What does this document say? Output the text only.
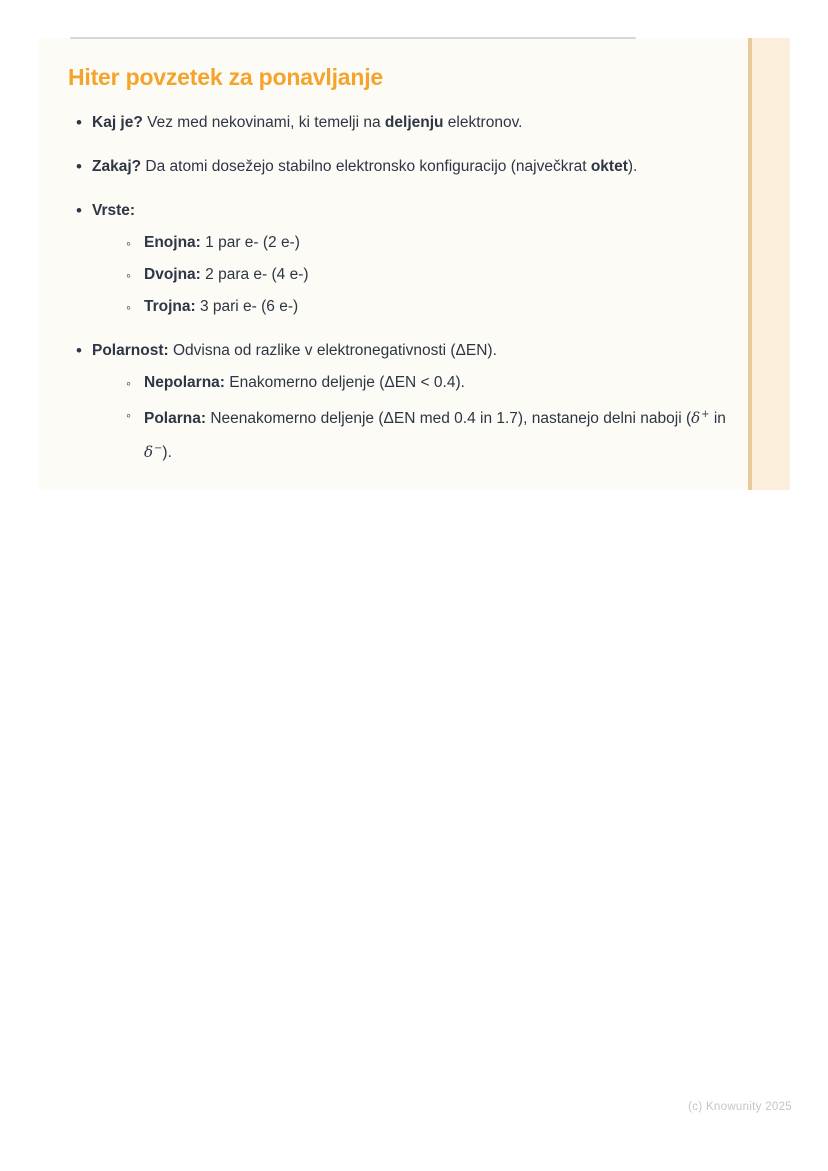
Hiter povzetek za ponavljanje
• Kaj je? Vez med nekovinami, ki temelji na deljenju elektronov.
• Zakaj? Da atomi dosežejo stabilno elektronsko konfiguracijo (največkrat oktet).
• Vrste:
◦ Enojna: 1 par e- (2 e-)
◦ Dvojna: 2 para e- (4 e-)
◦ Trojna: 3 pari e- (6 e-)
• Polarnost: Odvisna od razlike v elektronegativnosti (ΔEN).
◦ Nepolarna: Enakomerno deljenje (ΔEN < 0.4).
◦ Polarna: Neenakomerno deljenje (ΔEN med 0.4 in 1.7), nastanejo delni naboji (δ+ in δ−).
(c) Knowunity 2025
